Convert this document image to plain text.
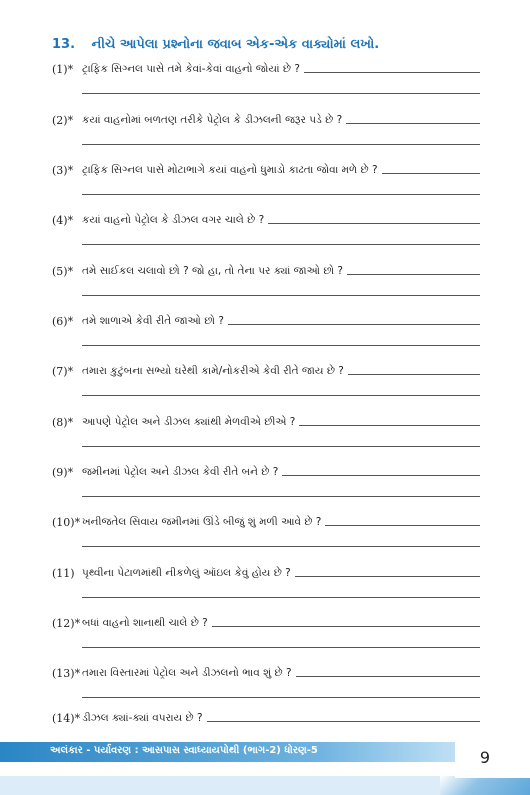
13. નીચે આપેલા પ્રશ્નોના જવાબ એક-એક વાક્યોમાં લખો.
(1)* ટ્રાફિક સિગ્નલ પાસે તમે કેવાં-કેવાં વાહનો જોયાં છે ?
(2)* કયાં વાહનોમાં બળતણ તરીકે પેટ્રોલ કે ડીઝલની જરૂર પડે છે ?
(3)* ટ્રાફિક સિગ્નલ પાસે મોટાભાગે કયાં વાહનો ધુમાડો કાઢતા જોવા મળે છે ?
(4)* કયાં વાહનો પેટ્રોલ કે ડીઝલ વગર ચાલે છે ?
(5)* તમે સાઈકલ ચલાવો છો ? જો હા, તો તેના પર ક્યાં જાઓ છો ?
(6)* તમે શાળાએ કેવી રીતે જાઓ છો ?
(7)* તમારા કુટુંબના સભ્યો ઘરેથી કામે/નોકરીએ કેવી રીતે જાય છે ?
(8)* આપણે પેટ્રોલ અને ડીઝલ ક્યાંથી મેળવીએ છીએ ?
(9)* જમીનમાં પેટ્રોલ અને ડીઝલ કેવી રીતે બને છે ?
(10)* ખનીજતેલ સિવાય જમીનમાં ઊંડે બીજું શું મળી આવે છે ?
(11) પૃથ્વીના પેટાળમાંથી નીકળેલું ઑઇલ કેવું હોય છે ?
(12)* બધાં વાહનો શાનાથી ચાલે છે ?
(13)* તમારા વિસ્તારમાં પેટ્રોલ અને ડીઝલનો ભાવ શું છે ?
(14)* ડીઝલ ક્યાં-ક્યાં વપરાય છે ?
અલંકાર - પર્યાવરણ : આસપાસ સ્વાધ્યાયપોથી (ભાગ-2) ધોરણ-5	9
